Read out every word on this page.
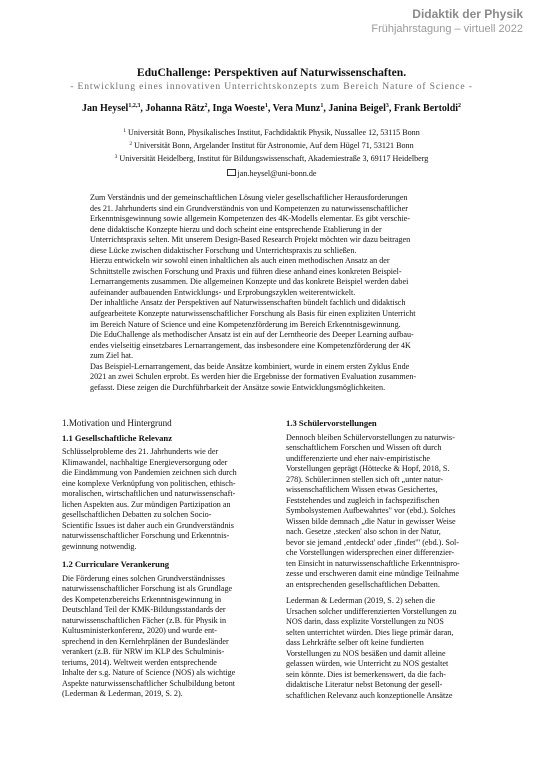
Didaktik der Physik
Frühjahrstagung – virtuell 2022
EduChallenge: Perspektiven auf Naturwissenschaften.
- Entwicklung eines innovativen Unterrichtskonzepts zum Bereich Nature of Science -
Jan Heysel$^{1,2,3}$, Johanna Rätz$^2$, Inga Woeste$^1$, Vera Munz$^1$, Janina Beigel$^3$, Frank Bertoldi$^2$
$^1$ Universität Bonn, Physikalisches Institut, Fachdidaktik Physik, Nussallee 12, 53115 Bonn
$^2$ Universität Bonn, Argelander Institut für Astronomie, Auf dem Hügel 71, 53121 Bonn
$^3$ Universität Heidelberg, Institut für Bildungswissenschaft, Akademiestraße 3, 69117 Heidelberg
jan.heysel@uni-bonn.de

Zum Verständnis und der gemeinschaftlichen Lösung vieler gesellschaftlicher Herausforderungen
des 21. Jahrhunderts sind ein Grundverständnis von und Kompetenzen zu naturwissenschaftlicher
Erkenntnisgewinnung sowie allgemein Kompetenzen des 4K-Modells elementar. Es gibt verschie-
dene didaktische Konzepte hierzu und doch scheint eine entsprechende Etablierung in der
Unterrichtspraxis selten. Mit unserem Design-Based Research Projekt möchten wir dazu beitragen
diese Lücke zwischen didaktischer Forschung und Unterrichtspraxis zu schließen.

Hierzu entwickeln wir sowohl einen inhaltlichen als auch einen methodischen Ansatz an der
Schnittstelle zwischen Forschung und Praxis und führen diese anhand eines konkreten Beispiel-
Lernarrangements zusammen. Die allgemeinen Konzepte und das konkrete Beispiel werden dabei
aufeinander aufbauenden Entwicklungs- und Erprobungszyklen weiterentwickelt.

Der inhaltliche Ansatz der Perspektiven auf Naturwissenschaften bündelt fachlich und didaktisch
aufgearbeitete Konzepte naturwissenschaftlicher Forschung als Basis für einen expliziten Unterricht
im Bereich Nature of Science und eine Kompetenzförderung im Bereich Erkenntnisgewinnung.

Die EduChallenge als methodischer Ansatz ist ein auf der Lerntheorie des Deeper Learning aufbau-
endes vielseitig einsetzbares Lernarrangement, das insbesondere eine Kompetenzförderung der 4K
zum Ziel hat.

Das Beispiel-Lernarrangement, das beide Ansätze kombiniert, wurde in einem ersten Zyklus Ende
2021 an zwei Schulen erprobt. Es werden hier die Ergebnisse der formativen Evaluation zusammen-
gefasst. Diese zeigen die Durchführbarkeit der Ansätze sowie Entwicklungsmöglichkeiten.

1.Motivation und Hintergrund
1.1 Gesellschaftliche Relevanz

Schlüsselprobleme des 21. Jahrhunderts wie der
Klimawandel, nachhaltige Energieversorgung oder
die Eindämmung von Pandemien zeichnen sich durch
eine komplexe Verknüpfung von politischen, ethisch-
moralischen, wirtschaftlichen und naturwissenschaft-
lichen Aspekten aus. Zur mündigen Partizipation an
gesellschaftlichen Debatten zu solchen Socio-
Scientific Issues ist daher auch ein Grundverständnis
naturwissenschaftlicher Forschung und Erkenntnis-
gewinnung notwendig.

1.2 Curriculare Verankerung

Die Förderung eines solchen Grundverständnisses
naturwissenschaftlicher Forschung ist als Grundlage
des Kompetenzbereichs Erkenntnisgewinnung in
Deutschland Teil der KMK-Bildungsstandards der
naturwissenschaftlichen Fächer (z.B. für Physik in
Kultusministerkonferenz, 2020) und wurde ent-
sprechend in den Kernlehrplänen der Bundesländer
verankert (z.B. für NRW im KLP des Schulminis-
teriums, 2014). Weltweit werden entsprechende
Inhalte der s.g. Nature of Science (NOS) als wichtige
Aspekte naturwissenschaftlicher Schulbildung betont
(Lederman & Lederman, 2019, S. 2).

1.3 Schülervorstellungen

Dennoch bleiben Schülervorstellungen zu naturwis-
senschaftlichem Forschen und Wissen oft durch
undifferenzierte und eher naiv-empiristische
Vorstellungen geprägt (Höttecke & Hopf, 2018, S.
278). Schüler:innen stellen sich oft „unter natur-
wissenschaftlichem Wissen etwas Gesichertes,
Feststehendes und zugleich in fachspezifischen
Symbolsystemen Aufbewahrtes" vor (ebd.). Solches
Wissen bilde demnach „die Natur in gewisser Weise
nach. Gesetze ‚stecken' also schon in der Natur,
bevor sie jemand ‚entdeckt' oder ‚findet'" (ebd.). Sol-
che Vorstellungen widersprechen einer differenzier-
ten Einsicht in naturwissenschaftliche Erkenntnispro-
zesse und erschweren damit eine mündige Teilnahme
an entsprechenden gesellschaftlichen Debatten.

Lederman & Lederman (2019, S. 2) sehen die
Ursachen solcher undifferenzierten Vorstellungen zu
NOS darin, dass explizite Vorstellungen zu NOS
selten unterrichtet würden. Dies liege primär daran,
dass Lehrkräfte selber oft keine fundierten
Vorstellungen zu NOS besäßen und damit alleine
gelassen würden, wie Unterricht zu NOS gestaltet
sein könnte. Dies ist bemerkenswert, da die fach-
didaktische Literatur nebst Betonung der gesell-
schaftlichen Relevanz auch konzeptionelle Ansätze
